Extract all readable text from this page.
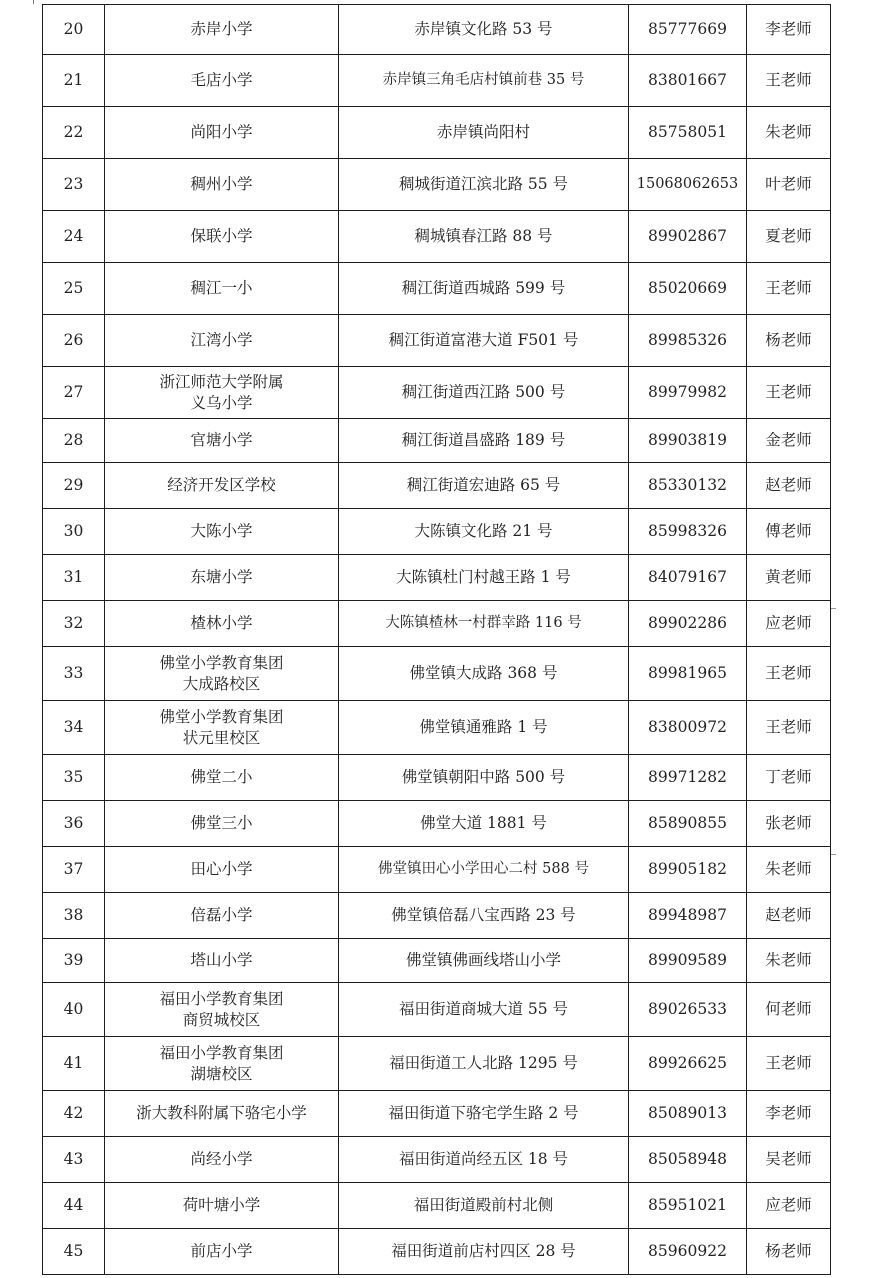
20	赤岸小学	赤岸镇文化路 53 号	85777669	李老师
21	毛店小学	赤岸镇三角毛店村镇前巷 35 号	83801667	王老师
22	尚阳小学	赤岸镇尚阳村	85758051	朱老师
23	稠州小学	稠城街道江滨北路 55 号	15068062653	叶老师
24	保联小学	稠城镇春江路 88 号	89902867	夏老师
25	稠江一小	稠江街道西城路 599 号	85020669	王老师
26	江湾小学	稠江街道富港大道 F501 号	89985326	杨老师
27	浙江师范大学附属
义乌小学	稠江街道西江路 500 号	89979982	王老师
28	官塘小学	稠江街道昌盛路 189 号	89903819	金老师
29	经济开发区学校	稠江街道宏迪路 65 号	85330132	赵老师
30	大陈小学	大陈镇文化路 21 号	85998326	傅老师
31	东塘小学	大陈镇杜门村越王路 1 号	84079167	黄老师
32	楂林小学	大陈镇楂林一村群幸路 116 号	89902286	应老师
33	佛堂小学教育集团
大成路校区	佛堂镇大成路 368 号	89981965	王老师
34	佛堂小学教育集团
状元里校区	佛堂镇通雅路 1 号	83800972	王老师
35	佛堂二小	佛堂镇朝阳中路 500 号	89971282	丁老师
36	佛堂三小	佛堂大道 1881 号	85890855	张老师
37	田心小学	佛堂镇田心小学田心二村 588 号	89905182	朱老师
38	倍磊小学	佛堂镇倍磊八宝西路 23 号	89948987	赵老师
39	塔山小学	佛堂镇佛画线塔山小学	89909589	朱老师
40	福田小学教育集团
商贸城校区	福田街道商城大道 55 号	89026533	何老师
41	福田小学教育集团
湖塘校区	福田街道工人北路 1295 号	89926625	王老师
42	浙大教科附属下骆宅小学	福田街道下骆宅学生路 2 号	85089013	李老师
43	尚经小学	福田街道尚经五区 18 号	85058948	吴老师
44	荷叶塘小学	福田街道殿前村北侧	85951021	应老师
45	前店小学	福田街道前店村四区 28 号	85960922	杨老师
